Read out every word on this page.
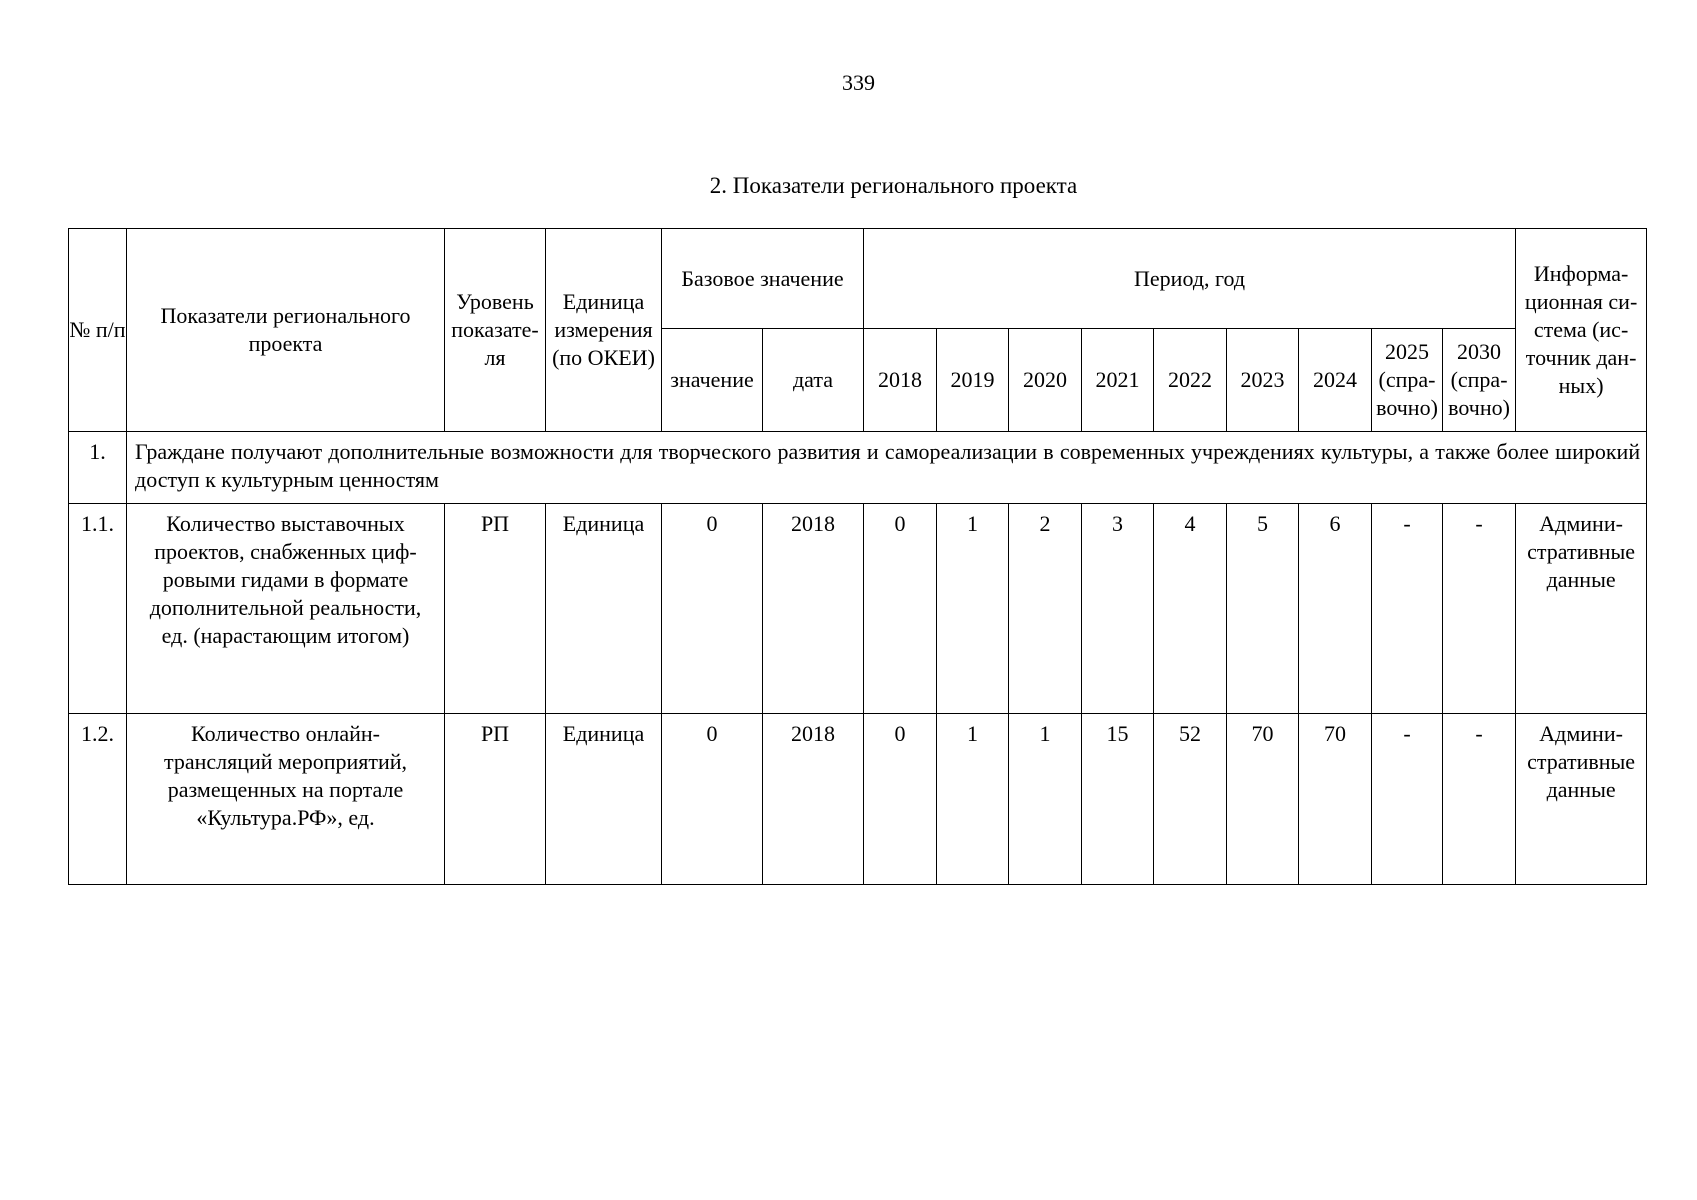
339
2. Показатели регионального проекта
№ п/п	Показатели регионального проекта	Уровень показате-ля	Единица измерения (по ОКЕИ)	Базовое значение		Период, год									Информа-ционная си-стема (ис-точник дан-ных)
				значение	дата	2018	2019	2020	2021	2022	2023	2024	2025 (спра-вочно)	2030 (спра-вочно)	
1.	Граждане получают дополнительные возможности для творческого развития и самореализации в современных учреждениях культуры, а также более широкий доступ к культурным ценностям														
1.1.	Количество выставочных проектов, снабженных циф-ровыми гидами в формате дополнительной реальности, ед. (нарастающим итогом)	РП	Единица	0	2018	0	1	2	3	4	5	6	-	-	Админи-стративные данные
1.2.	Количество онлайн-трансляций мероприятий, размещенных на портале «Культура.РФ», ед.	РП	Единица	0	2018	0	1	1	15	52	70	70	-	-	Админи-стративные данные
